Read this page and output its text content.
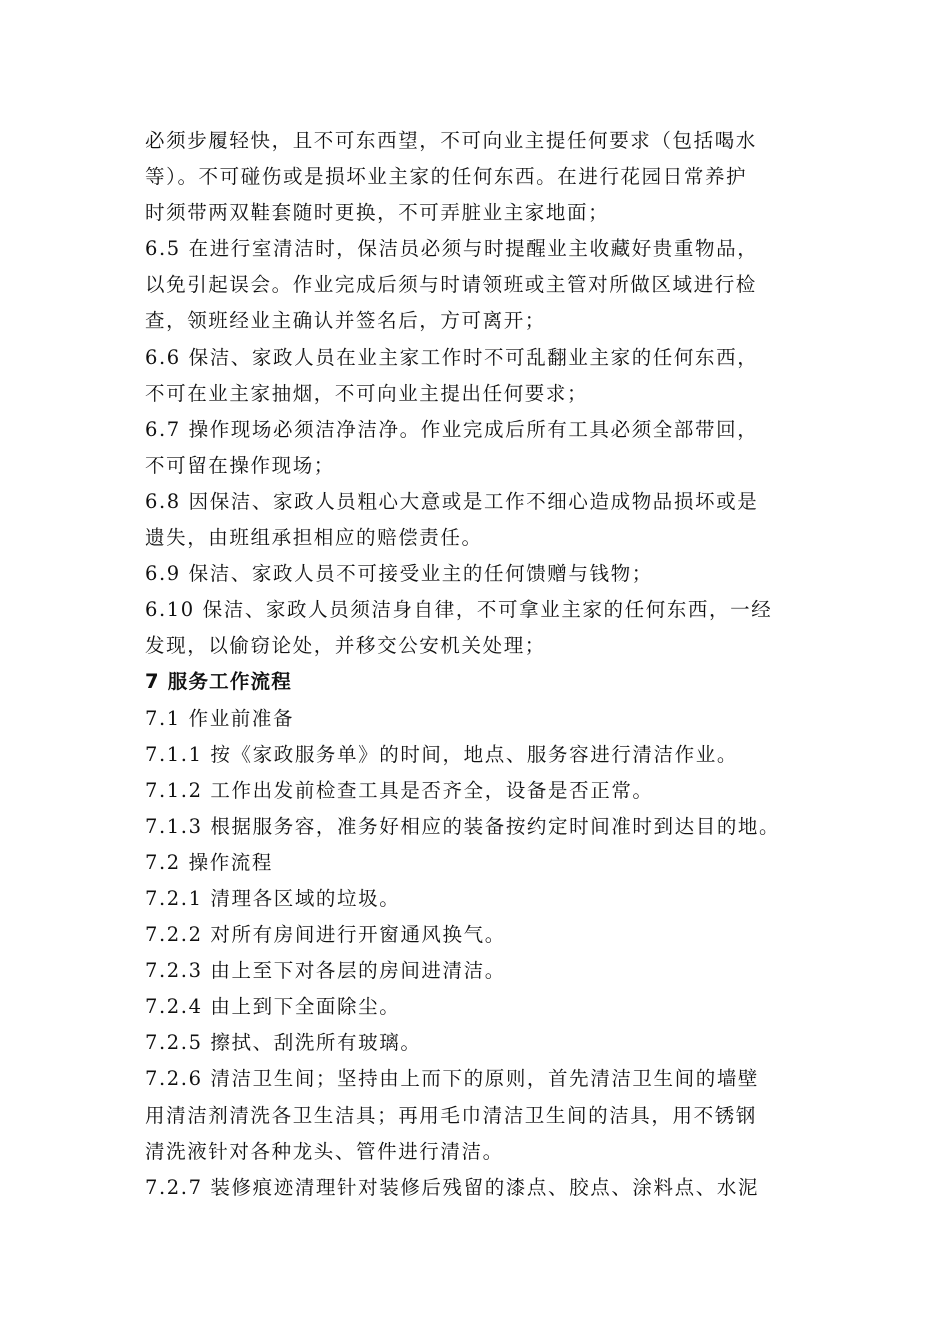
必须步履轻快，且不可东西望，不可向业主提任何要求（包括喝水
等）。不可碰伤或是损坏业主家的任何东西。在进行花园日常养护
时须带两双鞋套随时更换，不可弄脏业主家地面；
6.5 在进行室清洁时，保洁员必须与时提醒业主收藏好贵重物品，
以免引起误会。作业完成后须与时请领班或主管对所做区域进行检
查，领班经业主确认并签名后，方可离开；
6.6 保洁、家政人员在业主家工作时不可乱翻业主家的任何东西，
不可在业主家抽烟，不可向业主提出任何要求；
6.7 操作现场必须洁净洁净。作业完成后所有工具必须全部带回，
不可留在操作现场；
6.8 因保洁、家政人员粗心大意或是工作不细心造成物品损坏或是
遗失，由班组承担相应的赔偿责任。
6.9 保洁、家政人员不可接受业主的任何馈赠与钱物；
6.10 保洁、家政人员须洁身自律，不可拿业主家的任何东西，一经
发现，以偷窃论处，并移交公安机关处理；
7 服务工作流程
7.1 作业前准备
7.1.1 按《家政服务单》的时间，地点、服务容进行清洁作业。
7.1.2 工作出发前检查工具是否齐全，设备是否正常。
7.1.3 根据服务容，准务好相应的装备按约定时间准时到达目的地。
7.2 操作流程
7.2.1 清理各区域的垃圾。
7.2.2 对所有房间进行开窗通风换气。
7.2.3 由上至下对各层的房间进清洁。
7.2.4 由上到下全面除尘。
7.2.5 擦拭、刮洗所有玻璃。
7.2.6 清洁卫生间；坚持由上而下的原则，首先清洁卫生间的墙壁
用清洁剂清洗各卫生洁具；再用毛巾清洁卫生间的洁具，用不锈钢
清洗液针对各种龙头、管件进行清洁。
7.2.7 装修痕迹清理针对装修后残留的漆点、胶点、涂料点、水泥
